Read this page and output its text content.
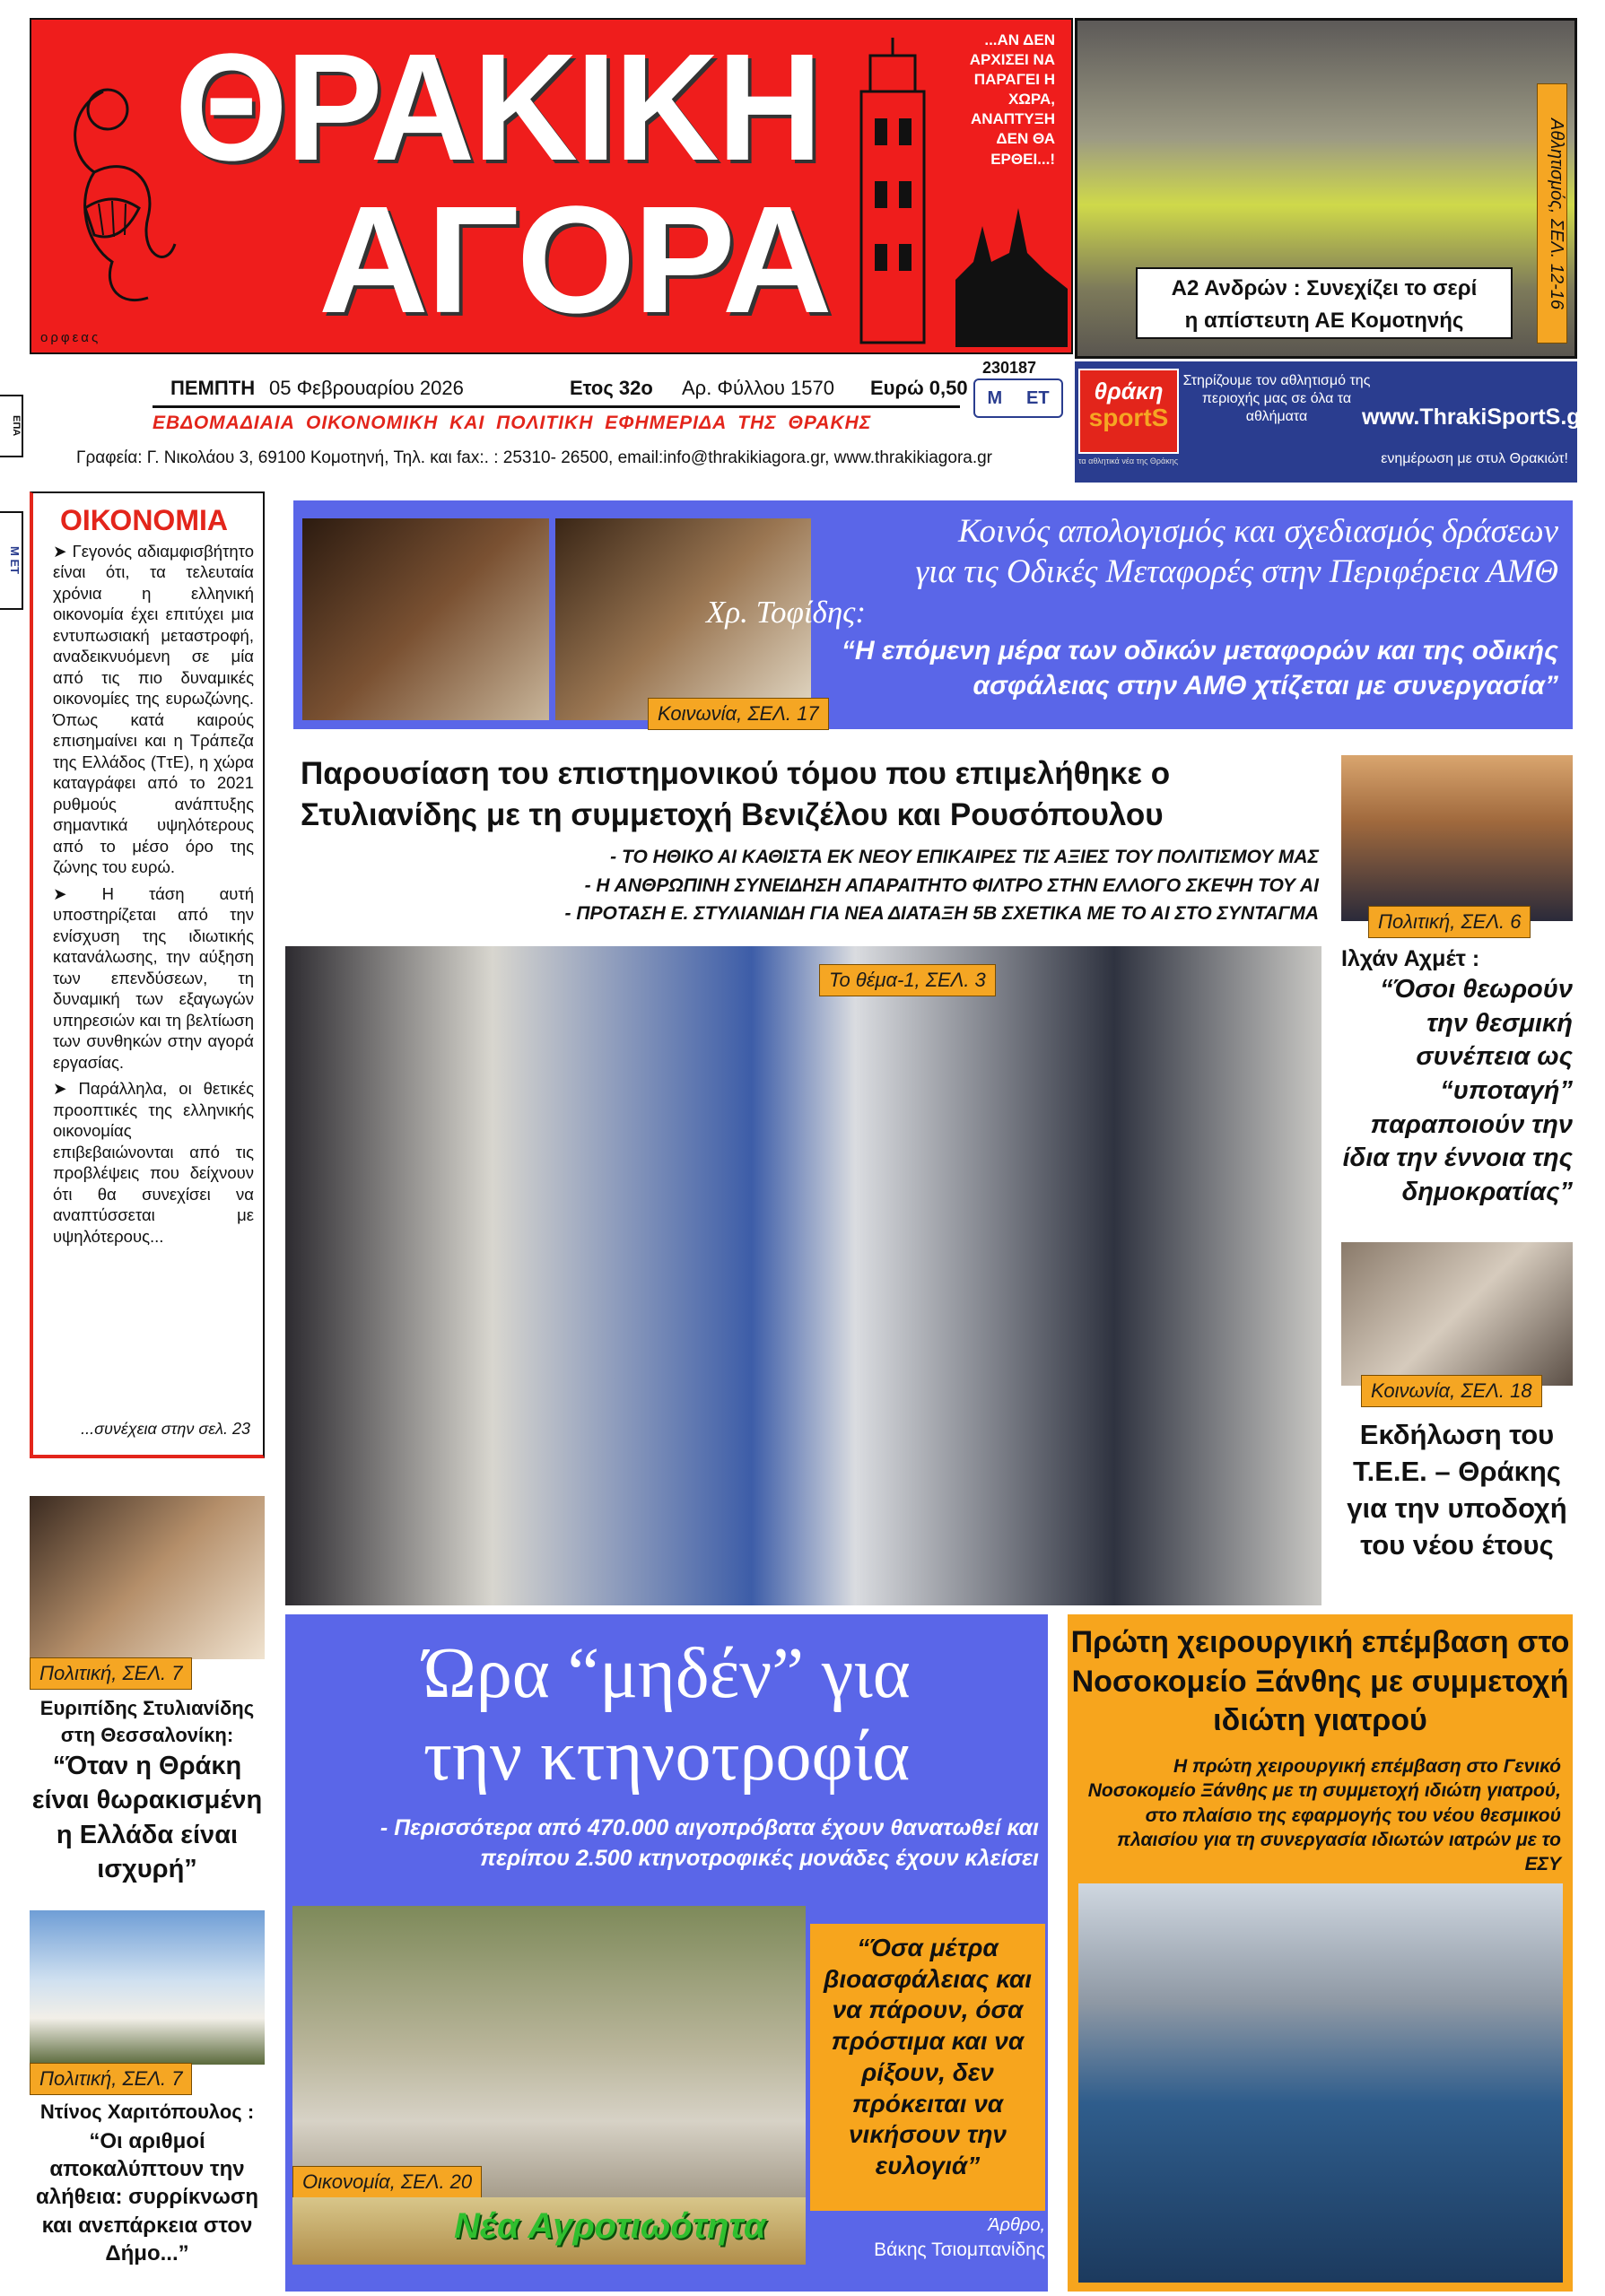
ορφεας
ΘΡΑΚΙΚΗ
ΑΓΟΡΑ
...ΑΝ ΔΕΝ ΑΡΧΙΣΕΙ ΝΑ ΠΑΡΑΓΕΙ Η ΧΩΡΑ, ΑΝΑΠΤΥΞΗ ΔΕΝ ΘΑ ΕΡΘΕΙ...!
ΕΠΑ
Μ ΕΤ
ΠΕΜΠΤΗ 05 Φεβρουαρίου 2026	Ετος 32ο Αρ. Φύλλου 1570 Ευρώ 0,50
230187
Μ ΕΤ
ΕΒΔΟΜΑΔΙΑΙΑ ΟΙΚΟΝΟΜΙΚΗ ΚΑΙ ΠΟΛΙΤΙΚΗ ΕΦΗΜΕΡΙΔΑ ΤΗΣ ΘΡΑΚΗΣ
Γραφεία: Γ. Νικολάου 3, 69100 Κομοτηνή, Τηλ. και fax:. : 25310- 26500, email:info@thrakikiagora.gr, www.thrakikiagora.gr
Α2 Ανδρών : Συνεχίζει το σερί
η απίστευτη ΑΕ Κομοτηνής
Αθλητισμός, ΣΕΛ. 12-16
θράκη
sportS
τα αθλητικά νέα της Θράκης
Στηρίζουμε τον αθλητισμό της περιοχής μας σε όλα τα αθλήματα	www.ThrakiSportS.gr
ενημέρωση με στυλ Θρακιώτ!
ΟΙΚΟΝΟΜΙΑ

➤ Γεγονός αδιαμφισβήτητο είναι ότι, τα τελευταία χρόνια η ελληνική οικονομία έχει επιτύχει μια εντυπωσιακή μεταστροφή, αναδεικνυόμενη σε μία από τις πιο δυναμικές οικονομίες της ευρωζώνης. Όπως κατά καιρούς επισημαίνει και η Τράπεζα της Ελλάδος (ΤτΕ), η χώρα καταγράφει από το 2021 ρυθμούς ανάπτυξης σημαντικά υψηλότερους από το μέσο όρο της ζώνης του ευρώ.

➤ Η τάση αυτή υποστηρίζεται από την ενίσχυση της ιδιωτικής κατανάλωσης, την αύξηση των επενδύσεων, τη δυναμική των εξαγωγών υπηρεσιών και τη βελτίωση των συνθηκών στην αγορά εργασίας.

➤ Παράλληλα, οι θετικές προοπτικές της ελληνικής οικονομίας επιβεβαιώνονται από τις προβλέψεις που δείχνουν ότι θα συνεχίσει να αναπτύσσεται με υψηλότερους...

...συνέχεια στην σελ. 23
Κοινωνία, ΣΕΛ. 17
Κοινός απολογισμός και σχεδιασμός δράσεων
για τις Οδικές Μεταφορές στην Περιφέρεια ΑΜΘ
Χρ. Τοφίδης:
“Η επόμενη μέρα των οδικών μεταφορών και της οδικής
ασφάλειας στην ΑΜΘ χτίζεται με συνεργασία”
Παρουσίαση του επιστημονικού τόμου που επιμελήθηκε ο
Στυλιανίδης με τη συμμετοχή Βενιζέλου και Ρουσόπουλου
- ΤΟ ΗΘΙΚΟ ΑΙ ΚΑΘΙΣΤΑ ΕΚ ΝΕΟΥ ΕΠΙΚΑΙΡΕΣ ΤΙΣ ΑΞΙΕΣ ΤΟΥ ΠΟΛΙΤΙΣΜΟΥ ΜΑΣ
- Η ΑΝΘΡΩΠΙΝΗ ΣΥΝΕΙΔΗΣΗ ΑΠΑΡΑΙΤΗΤΟ ΦΙΛΤΡΟ ΣΤΗΝ ΕΛΛΟΓΟ ΣΚΕΨΗ ΤΟΥ ΑΙ
- ΠΡΟΤΑΣΗ Ε. ΣΤΥΛΙΑΝΙΔΗ ΓΙΑ ΝΕΑ ΔΙΑΤΑΞΗ 5Β ΣΧΕΤΙΚΑ ΜΕ ΤΟ ΑΙ ΣΤΟ ΣΥΝΤΑΓΜΑ
Το θέμα-1, ΣΕΛ. 3
Πολιτική, ΣΕΛ. 6
Ιλχάν Αχμέτ :
“Όσοι θεωρούν την θεσμική συνέπεια ως “υποταγή” παραποιούν την ίδια την έννοια της δημοκρατίας”
Κοινωνία, ΣΕΛ. 18
Εκδήλωση του Τ.Ε.Ε. – Θράκης για την υποδοχή του νέου έτους
Πολιτική, ΣΕΛ. 7
Ευριπίδης Στυλιανίδης στη Θεσσαλονίκη:
“Όταν η Θράκη είναι θωρακισμένη η Ελλάδα είναι ισχυρή”
Πολιτική, ΣΕΛ. 7
Ντίνος Χαριτόπουλος :
“Οι αριθμοί αποκαλύπτουν την αλήθεια: συρρίκνωση και ανεπάρκεια στον Δήμο...”
Ώρα “μηδέν” για
την κτηνοτροφία
- Περισσότερα από 470.000 αιγοπρόβατα έχουν θανατωθεί και περίπου 2.500 κτηνοτροφικές μονάδες έχουν κλείσει
Οικονομία, ΣΕΛ. 20
Νέα Αγροτιωότητα
“Όσα μέτρα βιοασφάλειας και να πάρουν, όσα πρόστιμα και να ρίξουν, δεν πρόκειται να νικήσουν την ευλογιά”
Άρθρο,
Βάκης Τσιομπανίδης
Πρώτη χειρουργική επέμβαση στο Νοσοκομείο Ξάνθης με συμμετοχή ιδιώτη γιατρού
Η πρώτη χειρουργική επέμβαση στο Γενικό Νοσοκομείο Ξάνθης με τη συμμετοχή ιδιώτη γιατρού, στο πλαίσιο της εφαρμογής του νέου θεσμικού πλαισίου για τη συνεργασία ιδιωτών ιατρών με το ΕΣΥ
